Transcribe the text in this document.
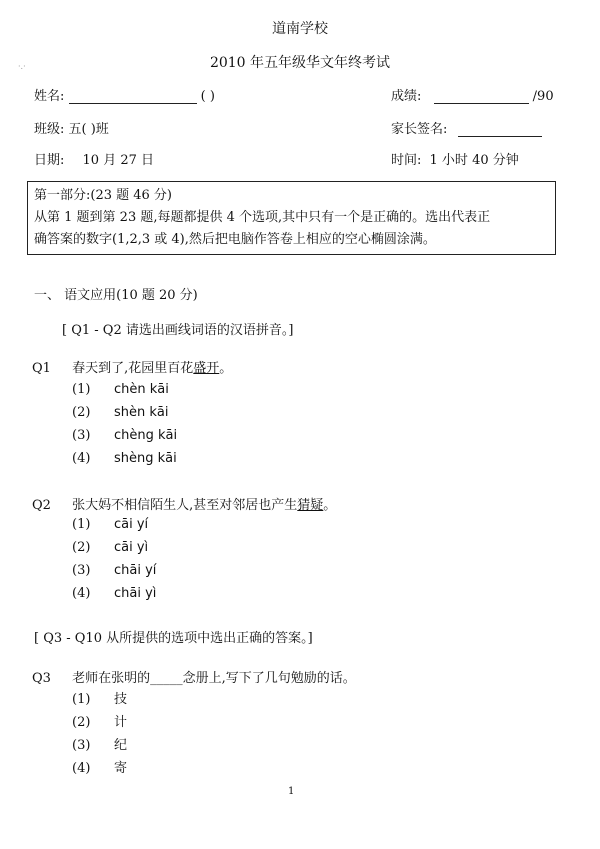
道南学校
·.·	2010 年五年级华文年终考试
姓名:	( )	成绩:	/90
班级: 五( )班	家长签名:
日期: 10 月 27 日	时间: 1 小时 40 分钟
第一部分:(23 题 46 分)
从第 1 题到第 23 题,每题都提供 4 个选项,其中只有一个是正确的。选出代表正
确答案的数字(1,2,3 或 4),然后把电脑作答卷上相应的空心椭圆涂满。
一、 语文应用(10 题 20 分)
[ Q1 - Q2 请选出画线词语的汉语拼音。]
Q1 春天到了,花园里百花盛开。
(1) chèn kāi
(2) shèn kāi
(3) chèng kāi
(4) shèng kāi
Q2 张大妈不相信陌生人,甚至对邻居也产生猜疑。
(1) cāi yí
(2) cāi yì
(3) chāi yí
(4) chāi yì
[ Q3 - Q10 从所提供的选项中选出正确的答案。]
Q3 老师在张明的_____念册上,写下了几句勉励的话。
(1) 技
(2) 计
(3) 纪
(4) 寄
1
